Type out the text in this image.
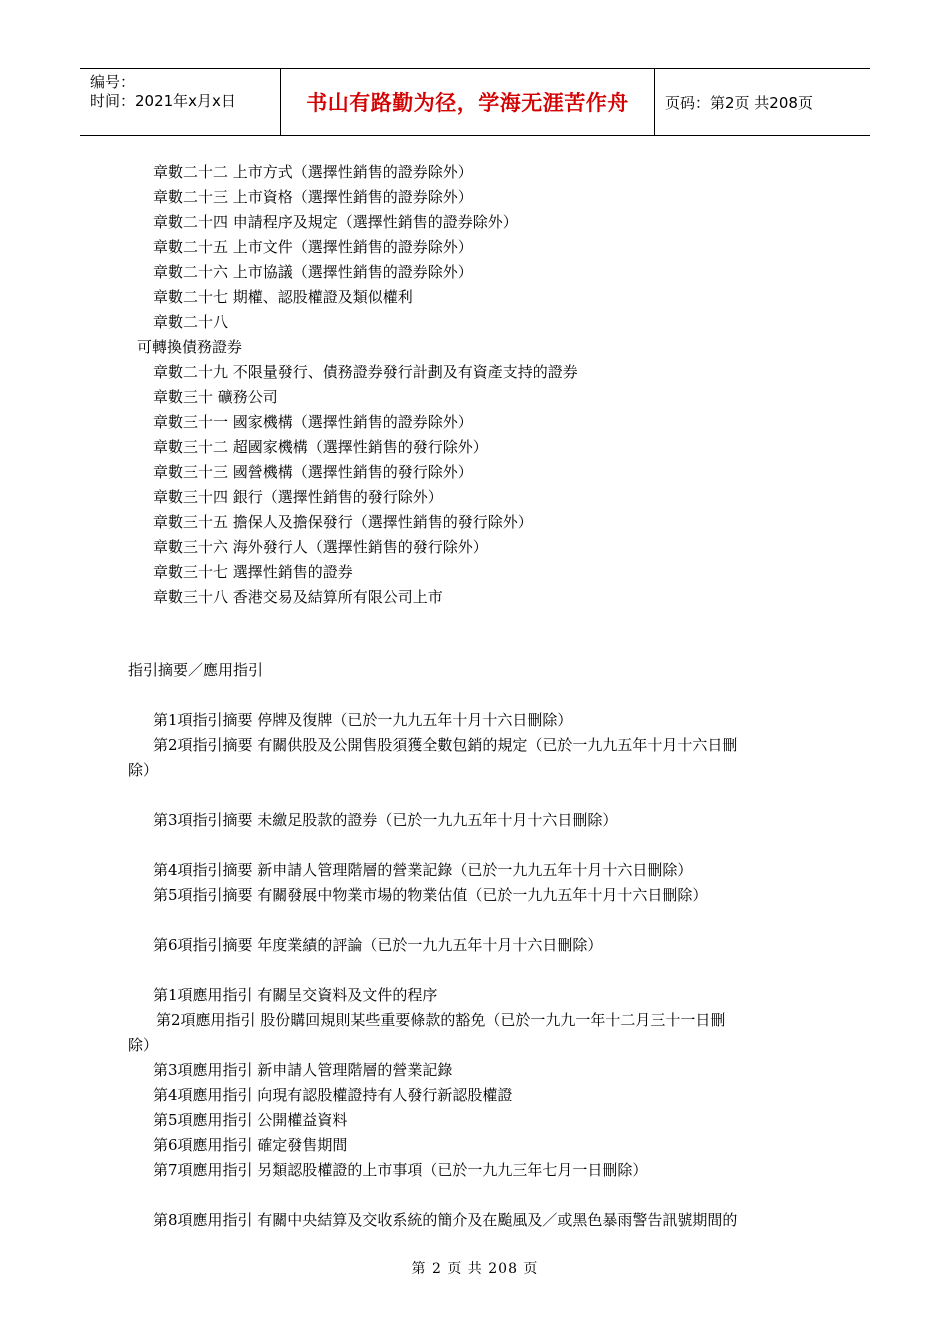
编号：
时间：2021年x月x日	书山有路勤为径，学海无涯苦作舟	页码：第2页 共208页
章數二十二 上市方式（選擇性銷售的證券除外）
章數二十三 上市資格（選擇性銷售的證券除外）
章數二十四 申請程序及規定（選擇性銷售的證券除外）
章數二十五 上市文件（選擇性銷售的證券除外）
章數二十六 上市協議（選擇性銷售的證券除外）
章數二十七 期權、認股權證及類似權利
章數二十八
可轉換債務證券
章數二十九 不限量發行、債務證券發行計劃及有資產支持的證券
章數三十 礦務公司
章數三十一 國家機構（選擇性銷售的證券除外）
章數三十二 超國家機構（選擇性銷售的發行除外）
章數三十三 國營機構（選擇性銷售的發行除外）
章數三十四 銀行（選擇性銷售的發行除外）
章數三十五 擔保人及擔保發行（選擇性銷售的發行除外）
章數三十六 海外發行人（選擇性銷售的發行除外）
章數三十七 選擇性銷售的證券
章數三十八 香港交易及結算所有限公司上市
指引摘要／應用指引
第1項指引摘要 停牌及復牌（已於一九九五年十月十六日刪除）
第2項指引摘要 有關供股及公開售股須獲全數包銷的規定（已於一九九五年十月十六日刪
除）
第3項指引摘要 未繳足股款的證券（已於一九九五年十月十六日刪除）
第4項指引摘要 新申請人管理階層的營業記錄（已於一九九五年十月十六日刪除）
第5項指引摘要 有關發展中物業市場的物業估值（已於一九九五年十月十六日刪除）
第6項指引摘要 年度業績的評論（已於一九九五年十月十六日刪除）
第1項應用指引 有關呈交資料及文件的程序
第2項應用指引 股份購回規則某些重要條款的豁免（已於一九九一年十二月三十一日刪
除）
第3項應用指引 新申請人管理階層的營業記錄
第4項應用指引 向現有認股權證持有人發行新認股權證
第5項應用指引 公開權益資料
第6項應用指引 確定發售期間
第7項應用指引 另類認股權證的上市事項（已於一九九三年七月一日刪除）
第8項應用指引 有關中央結算及交收系統的簡介及在颱風及／或黑色暴雨警告訊號期間的
第 2 页 共 208 页
